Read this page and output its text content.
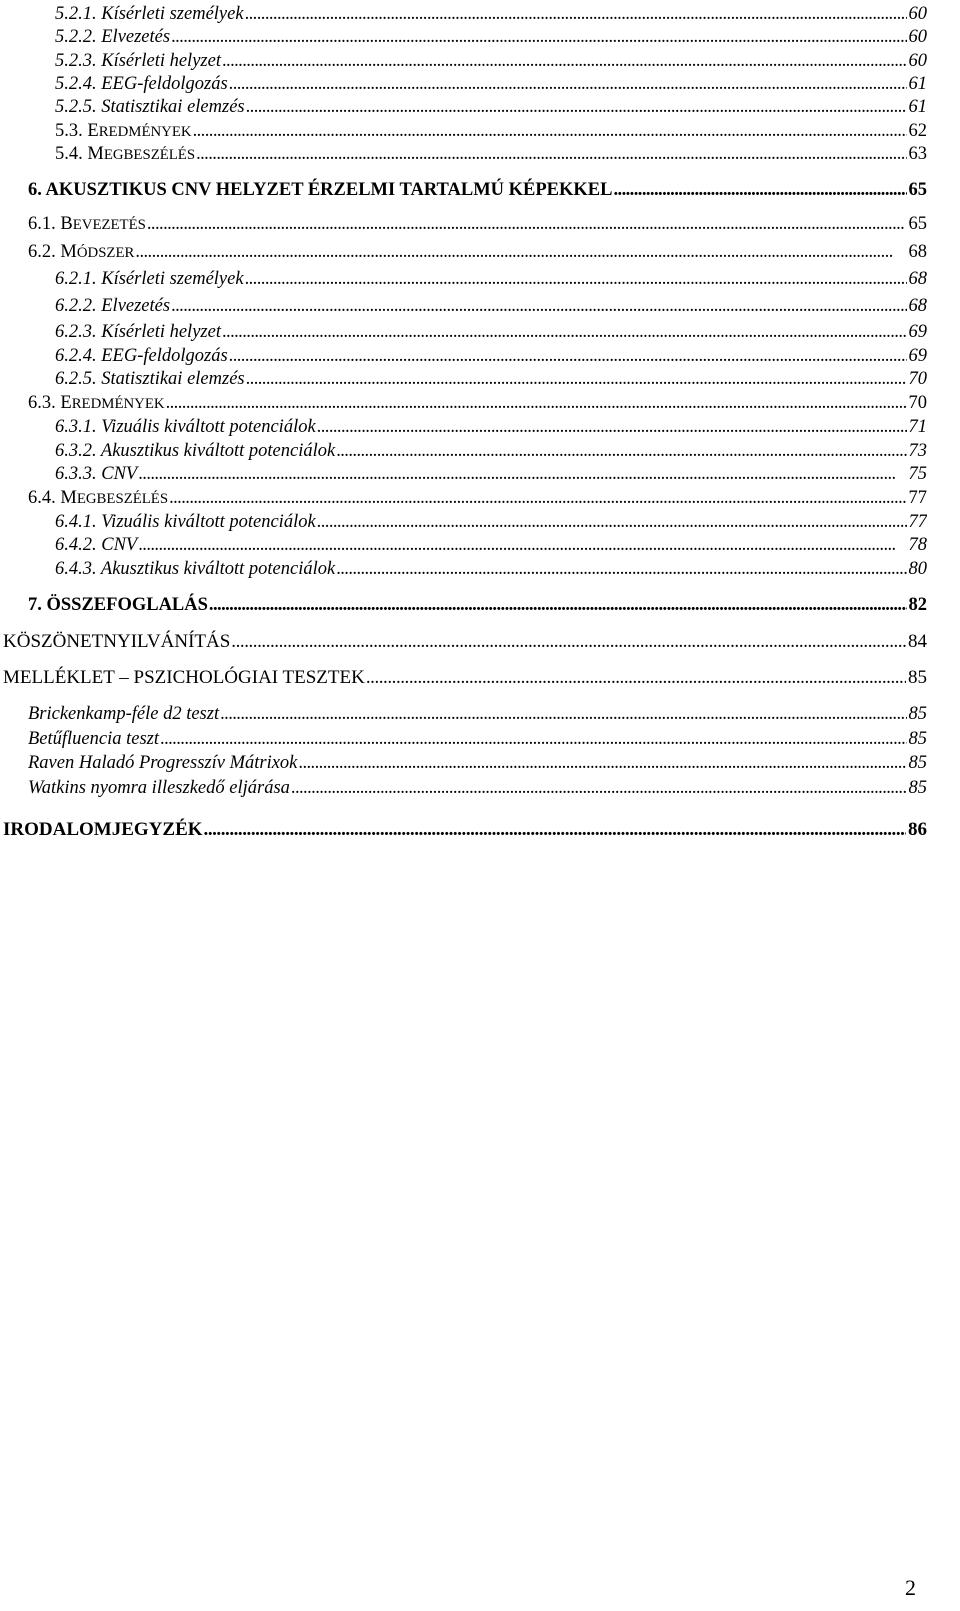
5.2.1. Kísérleti személyek . . .	60
5.2.2. Elvezetés . . .	60
5.2.3. Kísérleti helyzet . . .	60
5.2.4. EEG-feldolgozás . . .	61
5.2.5. Statisztikai elemzés . . .	61
5.3. EREDMÉNYEK . . .	62
5.4. MEGBESZÉLÉS . . .	63
6. AKUSZTIKUS CNV HELYZET ÉRZELMI TARTALMÚ KÉPEKKEL . . .	65
6.1. BEVEZETÉS . . .	65
6.2. MÓDSZER . . .	68
6.2.1. Kísérleti személyek . . .	68
6.2.2. Elvezetés . . .	68
6.2.3. Kísérleti helyzet . . .	69
6.2.4. EEG-feldolgozás . . .	69
6.2.5. Statisztikai elemzés . . .	70
6.3. EREDMÉNYEK . . .	70
6.3.1. Vizuális kiváltott potenciálok . . .	71
6.3.2. Akusztikus kiváltott potenciálok . . .	73
6.3.3. CNV . . .	75
6.4. MEGBESZÉLÉS . . .	77
6.4.1. Vizuális kiváltott potenciálok . . .	77
6.4.2. CNV . . .	78
6.4.3. Akusztikus kiváltott potenciálok . . .	80
7. ÖSSZEFOGLALÁS . . .	82
KÖSZÖNETNYILVÁNÍTÁS . . .	84
MELLÉKLET – PSZICHOLÓGIAI TESZTEK . . .	85
Brickenkamp-féle d2 teszt . . .	85
Betűfluencia teszt . . .	85
Raven Haladó Progresszív Mátrixok . . .	85
Watkins nyomra illeszkedő eljárása . . .	85
IRODALOMJEGYZÉK . . .	86
2
